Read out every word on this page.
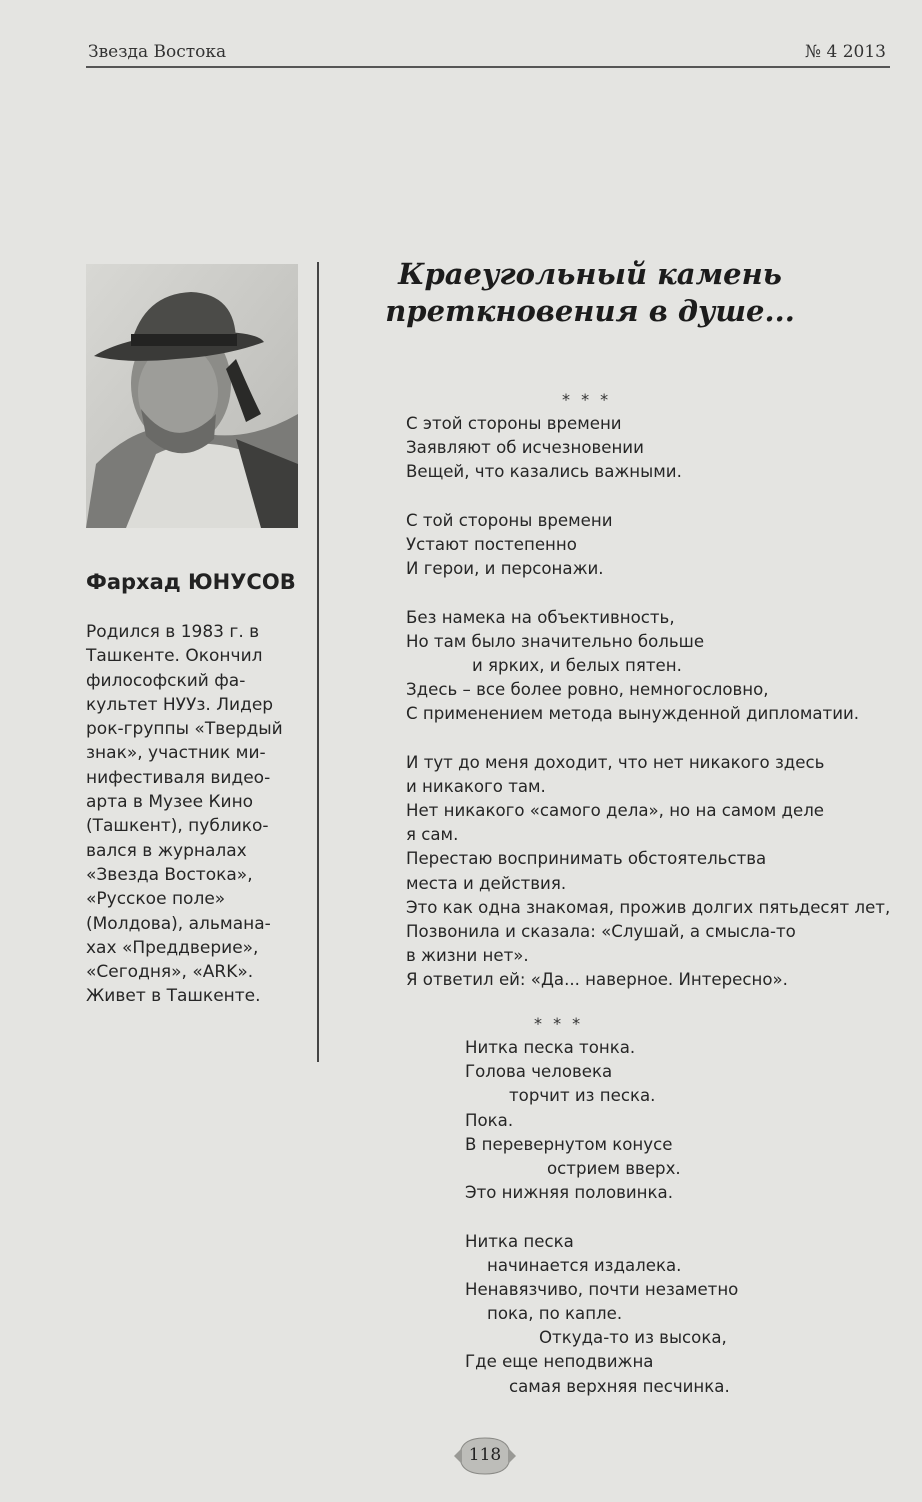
Звезда Востока	№ 4 2013
Фархад ЮНУСОВ
Родился в 1983 г. в
Ташкенте. Окончил
философский фа-
культет НУУз. Лидер
рок-группы «Твердый
знак», участник ми-
нифестиваля видео-
арта в Музее Кино
(Ташкент), публико-
вался в журналах
«Звезда Востока»,
«Русское поле»
(Молдова), альмана-
хах «Преддверие»,
«Сегодня», «ARK».
Живет в Ташкенте.
Краеугольный камень
преткновения в душе...
* * *
С этой стороны времени
Заявляют об исчезновении
Вещей, что казались важными.
С той стороны времени
Устают постепенно
И герои, и персонажи.
Без намека на объективность,
Но там было значительно больше
и ярких, и белых пятен.
Здесь – все более ровно, немногословно,
С применением метода вынужденной дипломатии.
И тут до меня доходит, что нет никакого здесь
и никакого там.
Нет никакого «самого дела», но на самом деле
я сам.
Перестаю воспринимать обстоятельства
места и действия.
Это как одна знакомая, прожив долгих пятьдесят лет,
Позвонила и сказала: «Слушай, а смысла-то
в жизни нет».
Я ответил ей: «Да... наверное. Интересно».
* * *
Нитка песка тонка.
Голова человека
торчит из песка.
Пока.
В перевернутом конусе
острием вверх.
Это нижняя половинка.
Нитка песка
начинается издалека.
Ненавязчиво, почти незаметно
пока, по капле.
Откуда-то из высока,
Где еще неподвижна
самая верхняя песчинка.
118
